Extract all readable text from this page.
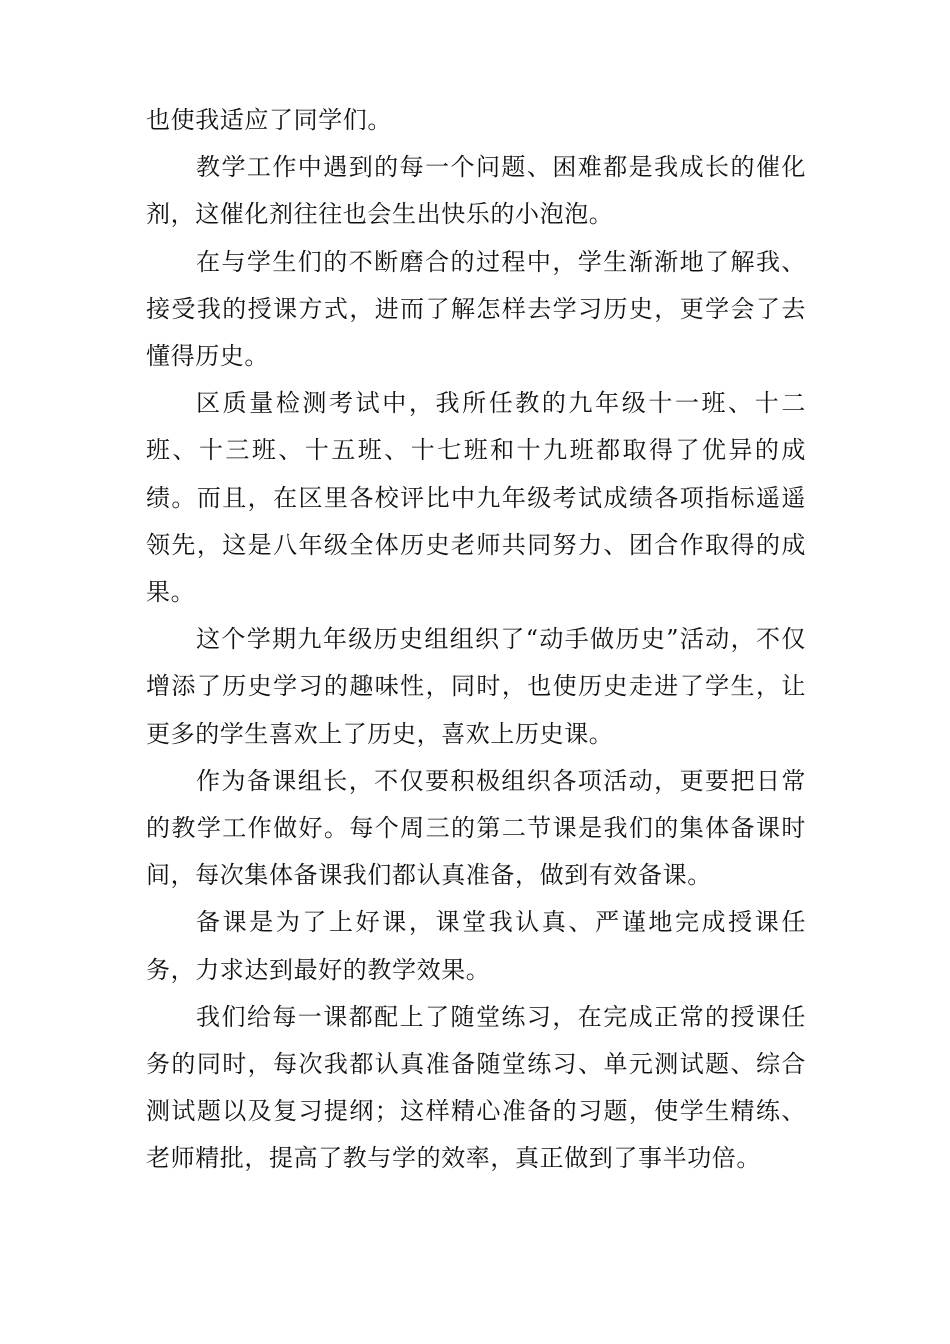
也使我适应了同学们。

教学工作中遇到的每一个问题、困难都是我成长的催化剂，这催化剂往往也会生出快乐的小泡泡。

在与学生们的不断磨合的过程中，学生渐渐地了解我、接受我的授课方式，进而了解怎样去学习历史，更学会了去懂得历史。

区质量检测考试中，我所任教的九年级十一班、十二班、十三班、十五班、十七班和十九班都取得了优异的成绩。而且，在区里各校评比中九年级考试成绩各项指标遥遥领先，这是八年级全体历史老师共同努力、团合作取得的成果。

这个学期九年级历史组组织了“动手做历史”活动，不仅增添了历史学习的趣味性，同时，也使历史走进了学生，让更多的学生喜欢上了历史，喜欢上历史课。

作为备课组长，不仅要积极组织各项活动，更要把日常的教学工作做好。每个周三的第二节课是我们的集体备课时间，每次集体备课我们都认真准备，做到有效备课。

备课是为了上好课，课堂我认真、严谨地完成授课任务，力求达到最好的教学效果。

我们给每一课都配上了随堂练习，在完成正常的授课任务的同时，每次我都认真准备随堂练习、单元测试题、综合测试题以及复习提纲；这样精心准备的习题，使学生精练、老师精批，提高了教与学的效率，真正做到了事半功倍。
